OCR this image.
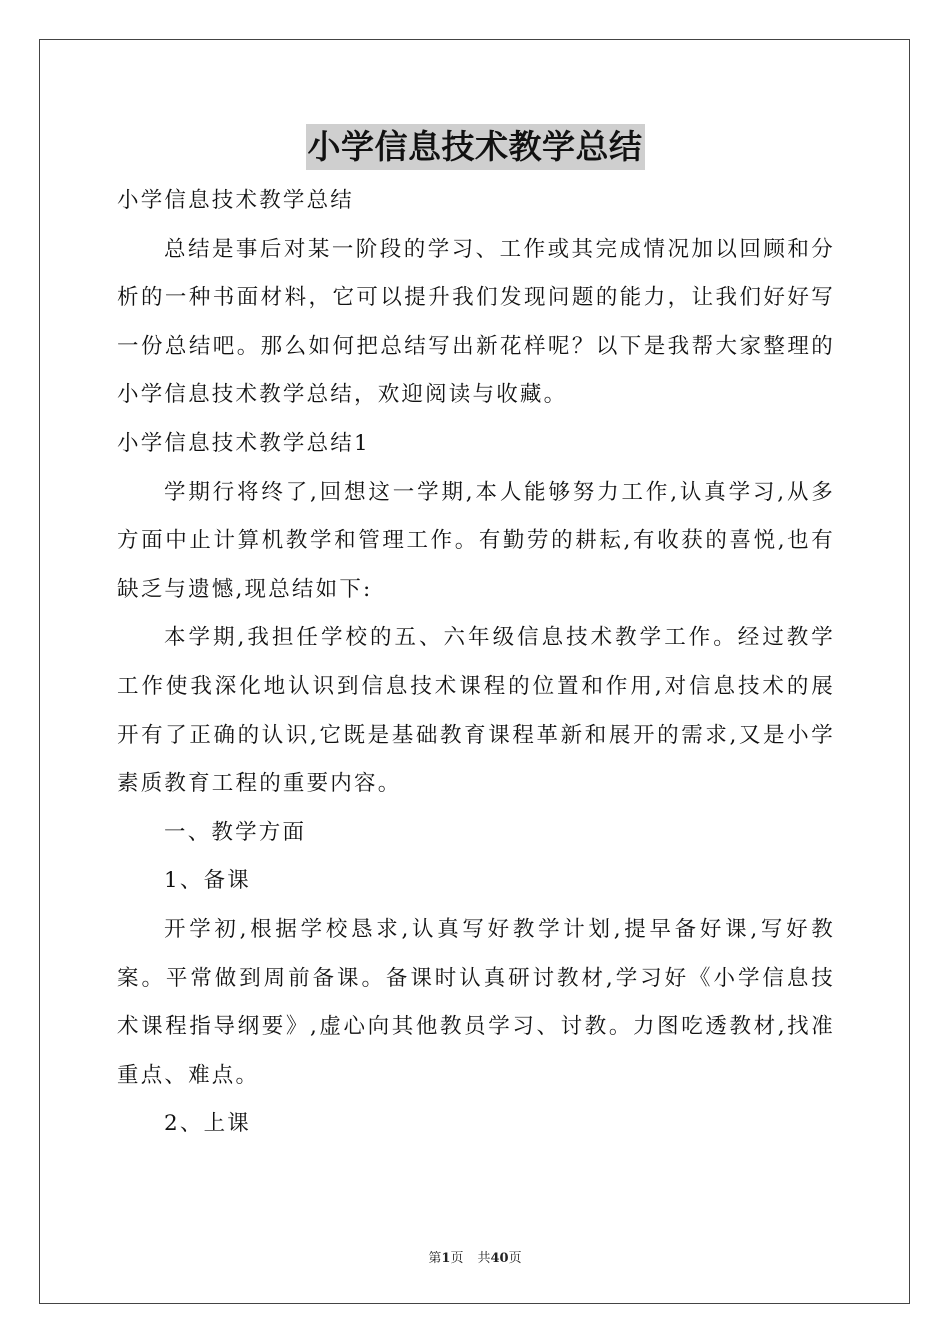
小学信息技术教学总结

小学信息技术教学总结

总结是事后对某一阶段的学习、工作或其完成情况加以回顾和分析的一种书面材料，它可以提升我们发现问题的能力，让我们好好写一份总结吧。那么如何把总结写出新花样呢？以下是我帮大家整理的小学信息技术教学总结，欢迎阅读与收藏。

小学信息技术教学总结1

学期行将终了,回想这一学期,本人能够努力工作,认真学习,从多方面中止计算机教学和管理工作。有勤劳的耕耘,有收获的喜悦,也有缺乏与遗憾,现总结如下:

本学期,我担任学校的五、六年级信息技术教学工作。经过教学工作使我深化地认识到信息技术课程的位置和作用,对信息技术的展开有了正确的认识,它既是基础教育课程革新和展开的需求,又是小学素质教育工程的重要内容。

一、教学方面

1、备课

开学初,根据学校恳求,认真写好教学计划,提早备好课,写好教案。平常做到周前备课。备课时认真研讨教材,学习好《小学信息技术课程指导纲要》,虚心向其他教员学习、讨教。力图吃透教材,找准重点、难点。

2、上课

第1页 共40页
